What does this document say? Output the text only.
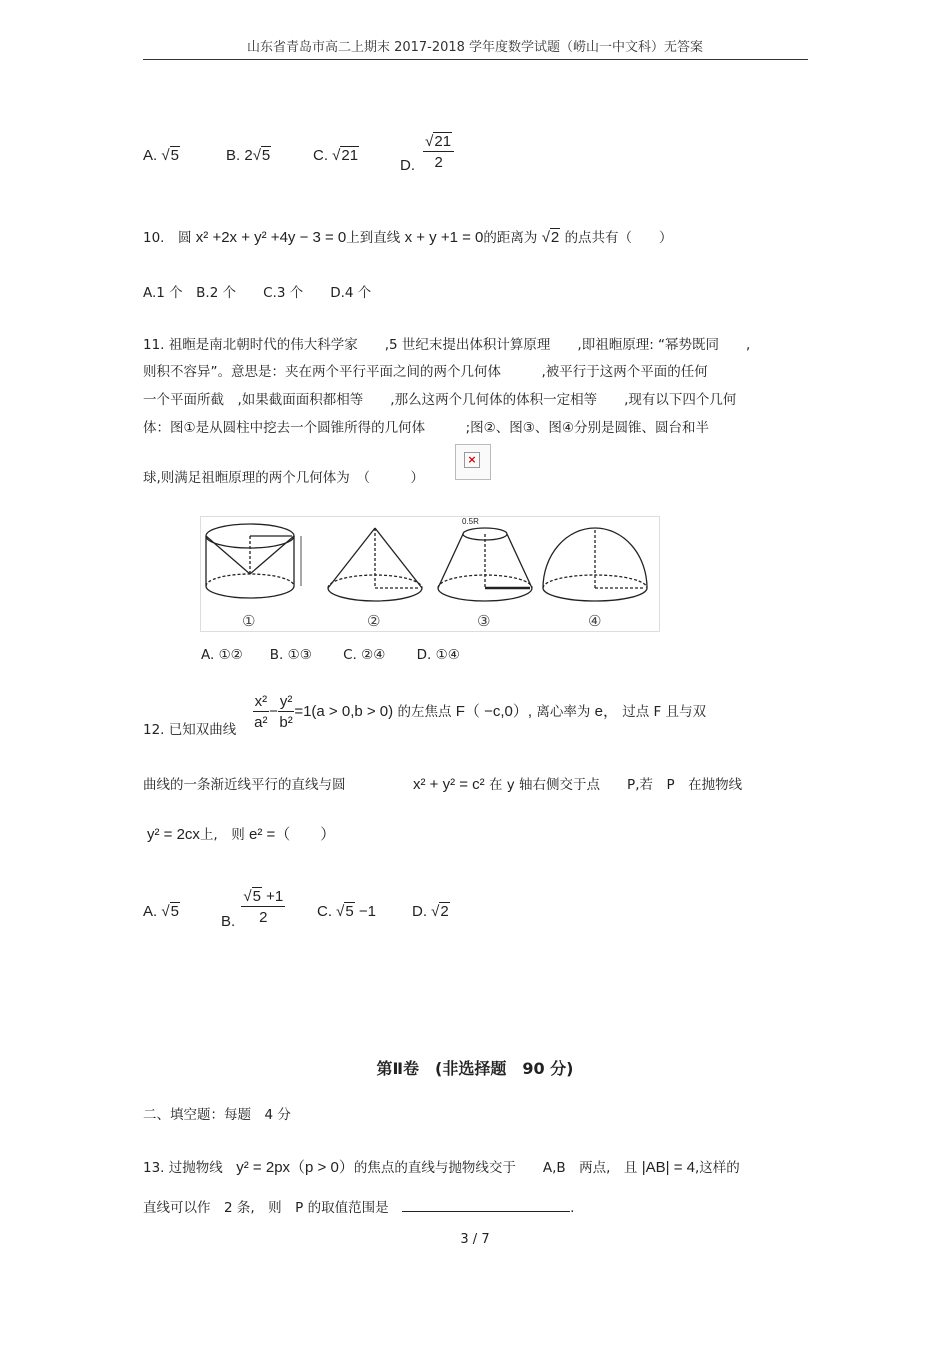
山东省青岛市高二上期末 2017-2018 学年度数学试题（崂山一中文科）无答案
A. √5	B. 2√5	C. √21
D. $\frac{√21}{2}$
10.　 圆 x² +2x + y² +4y − 3 = 0上到直线 x + y +1 = 0的距离为 √2 的点共有（　　）
A.1 个　B.2 个　　C.3 个　　D.4 个
11. 祖暅是南北朝时代的伟大科学家　　,5 世纪末提出体积计算原理　　,即祖暅原理: “幂势既同　　,
则积不容异”。意思是：夹在两个平行平面之间的两个几何体　　　,被平行于这两个平面的任何
一个平面所截　,如果截面面积都相等　　,那么这两个几何体的体积一定相等　　,现有以下四个几何
体：图①是从圆柱中挖去一个圆锥所得的几何体　　　;图②、图③、图④分别是圆锥、圆台和半
球,则满足祖暅原理的两个几何体为　（　　　）
×
0.5R
①	②	③	④
A. ①②　　B. ①③　　 C. ②④　　 D. ①④
12. 已知双曲线 $\frac{\text{x²}}{\text{a²}} - \frac{\text{y²}}{\text{b²}} =1(a > 0,b > 0)$ 的左焦点 F（ −c,0）, 离心率为 e， 过点 F 且与双
曲线的一条渐近线平行的直线与圆　　　　　	x² + y² = c² 在 y 轴右侧交于点　　P,若　P　在抛物线
y² = 2cx上,　则 e² =（　　）
A. √5
B. $\frac{√5 +1}{2} C$. √5 −1 D. √2
第Ⅱ卷　(非选择题　90 分)
二、填空题：每题　4 分
13. 过抛物线　 y² = 2px（p > 0）的焦点的直线与抛物线交于　　A,B　两点,　且 |AB| = 4,这样的
直线可以作　2 条,　则　P 的取值范围是　	.
3 / 7
